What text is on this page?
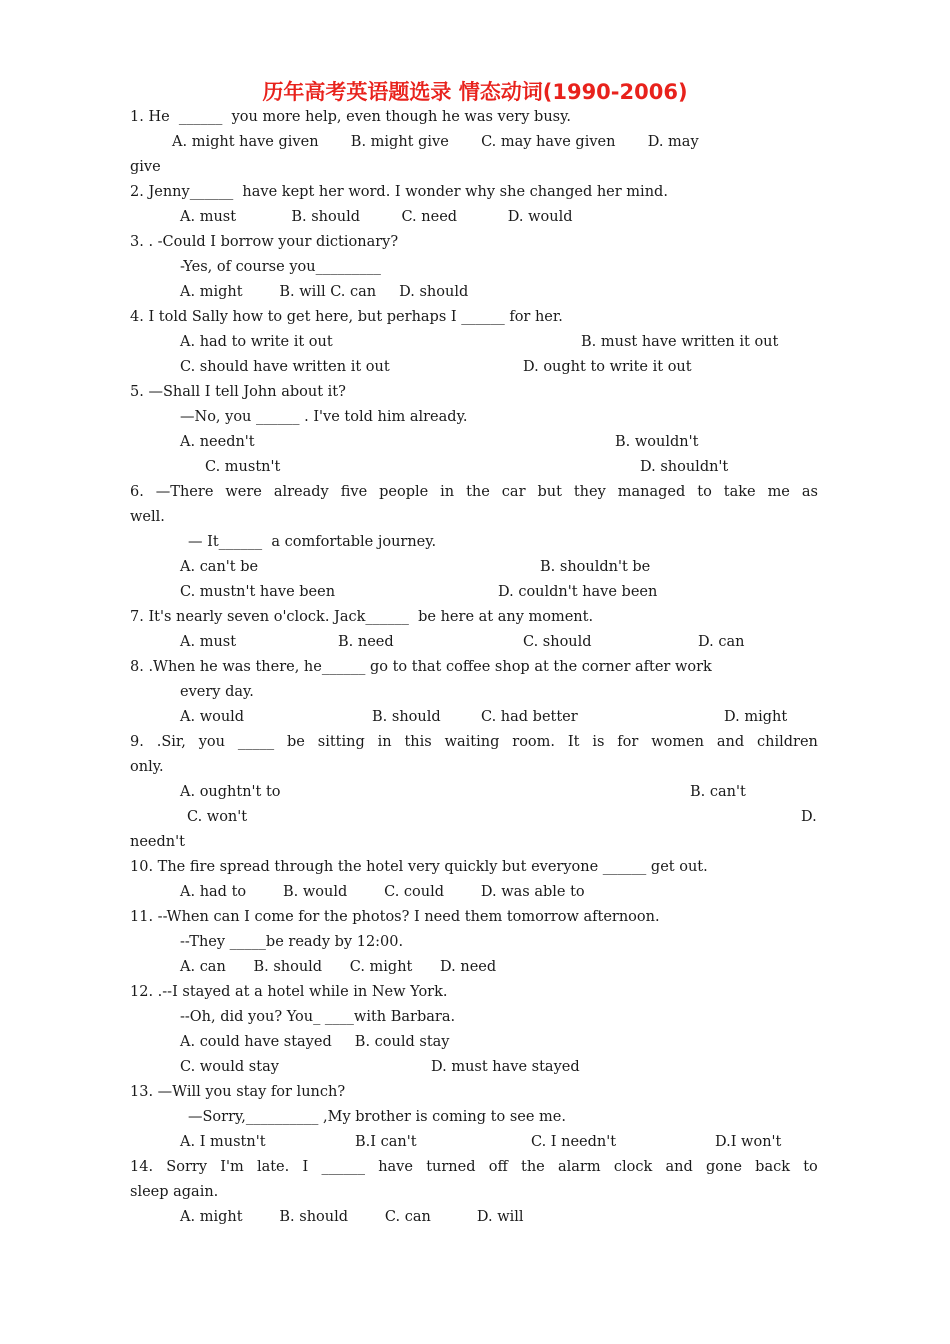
历年高考英语题选录 情态动词(1990-2006)
1. He  ______  you more help, even though he was very busy.
A. might have given       B. might give       C. may have given       D. may
give
2. Jenny______  have kept her word. I wonder why she changed her mind.
A. must            B. should         C. need           D. would
3. . -Could I borrow your dictionary?
-Yes, of course you_________
A. might        B. will C. can     D. should
4. I told Sally how to get here, but perhaps I ______ for her.
A. had to write it out	B. must have written it out
C. should have written it out	D. ought to write it out
5. —Shall I tell John about it?
—No, you ______ . I've told him already.
A. needn't	B. wouldn't
C. mustn't	D. shouldn't
6. —There were already five people in the car but they managed to take me as
well.
— It______  a comfortable journey.
A. can't be	B. shouldn't be
C. mustn't have been	D. couldn't have been
7. It's nearly seven o'clock. Jack______  be here at any moment.
A. must	B. need	C. should	D. can
8. .When he was there, he______ go to that coffee shop at the corner after work
every day.
A. would	B. should	C. had better	D. might
9. .Sir, you _____ be sitting in this waiting room. It is for women and children
only.
A. oughtn't to	B. can't
C. won't	D.
needn't
10. The fire spread through the hotel very quickly but everyone ______ get out.
A. had to        B. would        C. could        D. was able to
11. --When can I come for the photos? I need them tomorrow afternoon.
--They _____be ready by 12:00.
A. can      B. should      C. might      D. need
12. .--I stayed at a hotel while in New York.
--Oh, did you? You_ ____with Barbara.
A. could have stayed     B. could stay
C. would stay	D. must have stayed
13. —Will you stay for lunch?
—Sorry,__________ ,My brother is coming to see me.
A. I mustn't	B.I can't	C. I needn't	D.I won't
14. Sorry I'm late. I ______ have turned off the alarm clock and gone back to
sleep again.
A. might        B. should        C. can          D. will
